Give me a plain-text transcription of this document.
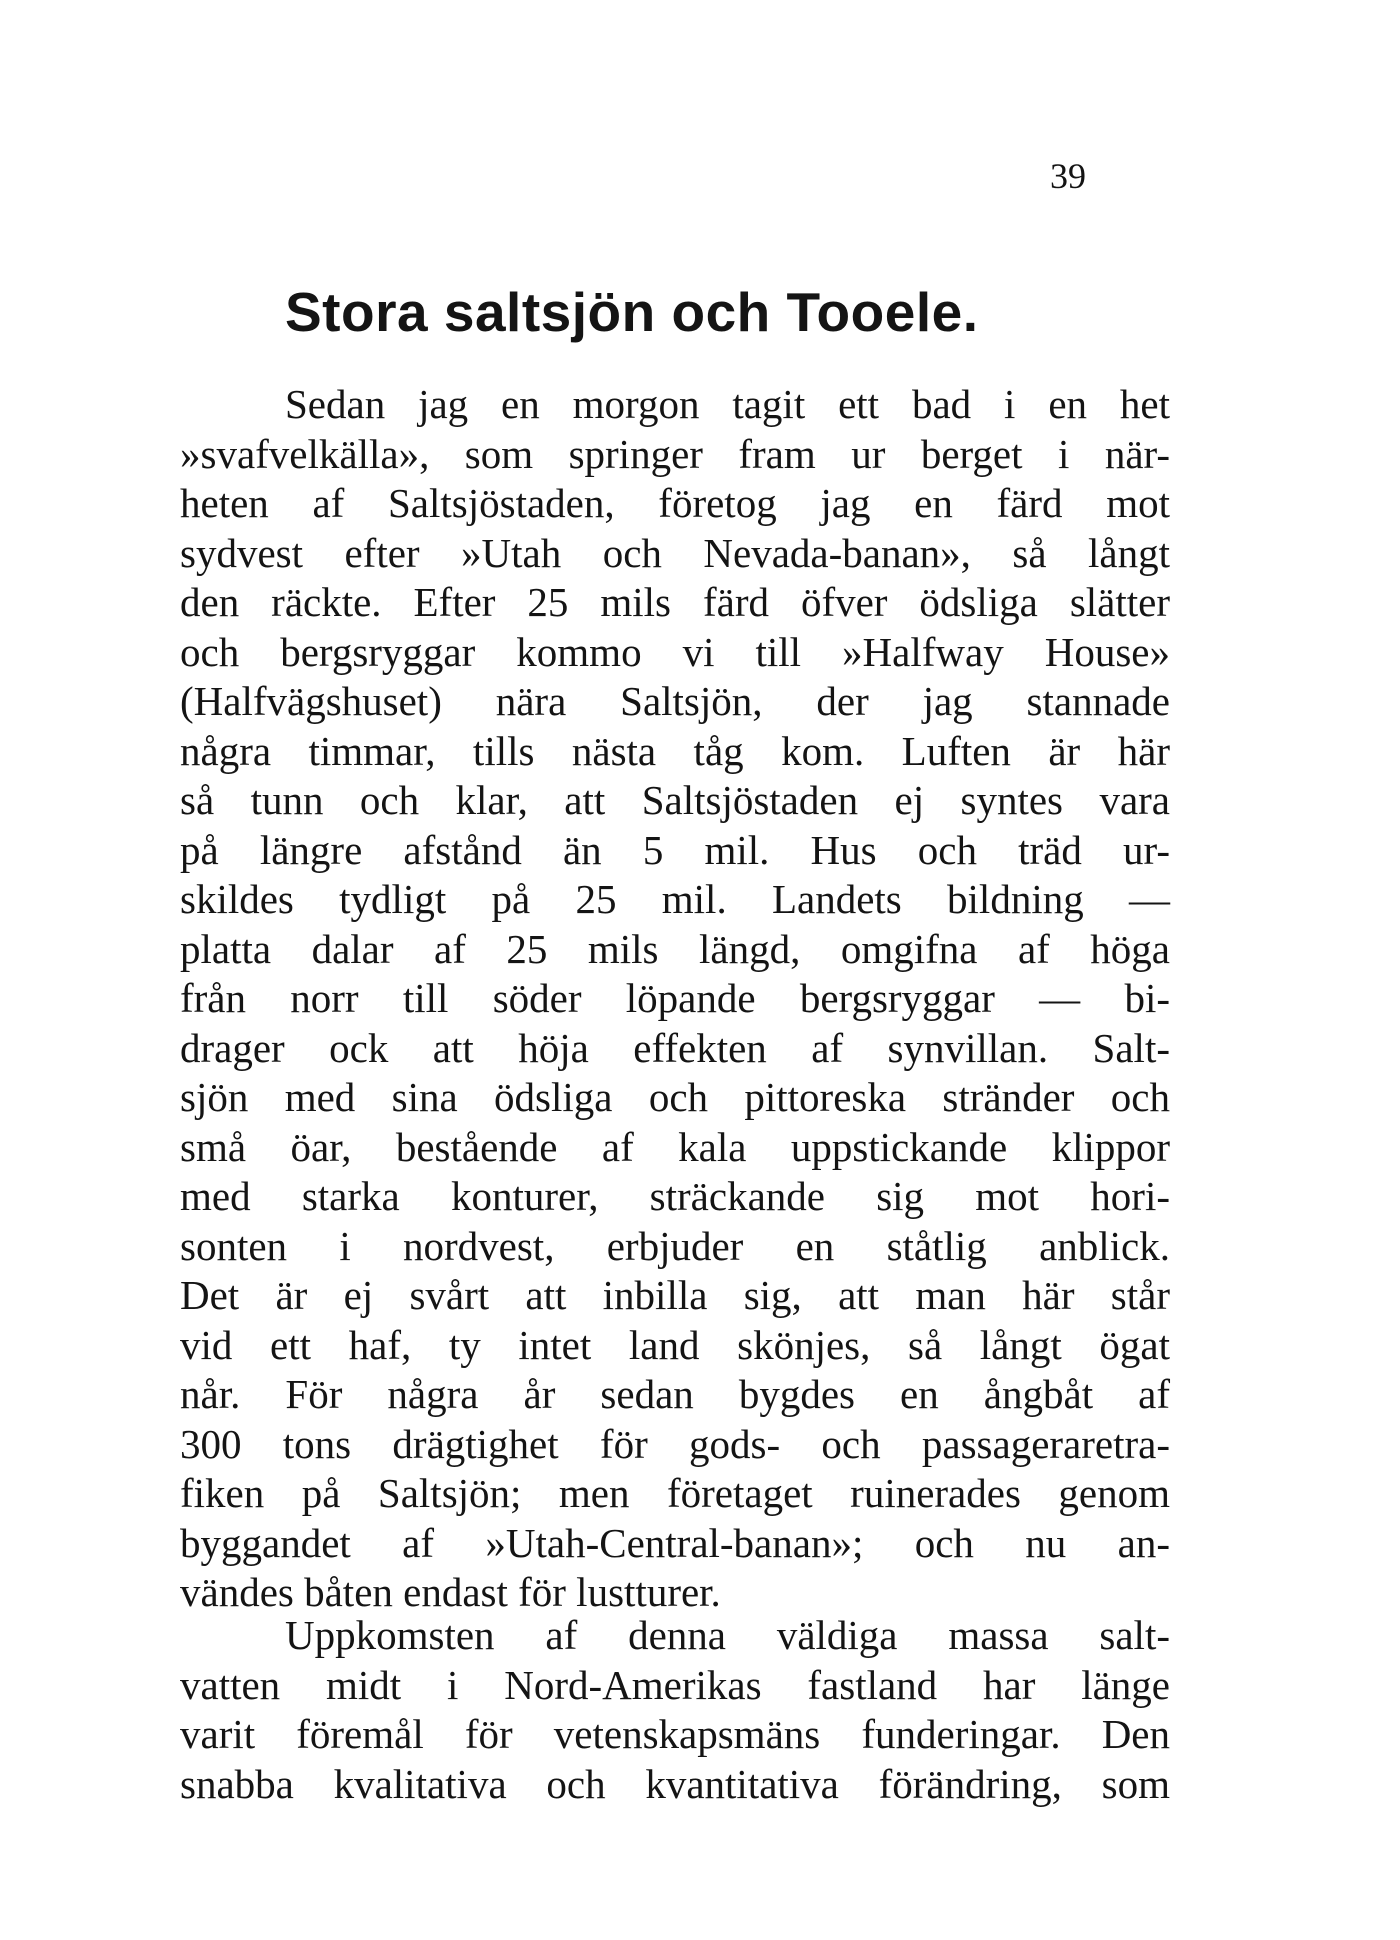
39
Stora saltsjön och Tooele.
Sedan jag en morgon tagit ett bad i en het
»svafvelkälla», som springer fram ur berget i när-
heten af Saltsjöstaden, företog jag en färd mot
sydvest efter »Utah och Nevada-banan», så långt
den räckte. Efter 25 mils färd öfver ödsliga slätter
och bergsryggar kommo vi till »Halfway House»
(Halfvägshuset) nära Saltsjön, der jag stannade
några timmar, tills nästa tåg kom. Luften är här
så tunn och klar, att Saltsjöstaden ej syntes vara
på längre afstånd än 5 mil. Hus och träd ur-
skildes tydligt på 25 mil. Landets bildning —
platta dalar af 25 mils längd, omgifna af höga
från norr till söder löpande bergsryggar — bi-
drager ock att höja effekten af synvillan. Salt-
sjön med sina ödsliga och pittoreska stränder och
små öar, bestående af kala uppstickande klippor
med starka konturer, sträckande sig mot hori-
sonten i nordvest, erbjuder en ståtlig anblick.
Det är ej svårt att inbilla sig, att man här står
vid ett haf, ty intet land skönjes, så långt ögat
når. För några år sedan bygdes en ångbåt af
300 tons drägtighet för gods- och passageraretra-
fiken på Saltsjön; men företaget ruinerades genom
byggandet af »Utah-Central-banan»; och nu an-
vändes båten endast för lustturer.
Uppkomsten af denna väldiga massa salt-
vatten midt i Nord-Amerikas fastland har länge
varit föremål för vetenskapsmäns funderingar. Den
snabba kvalitativa och kvantitativa förändring, som
